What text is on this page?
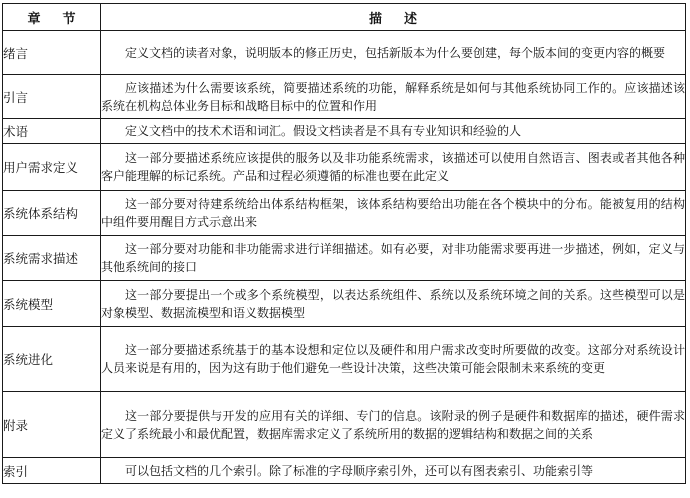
章节	描述
绪言	定义文档的读者对象，说明版本的修正历史，包括新版本为什么要创建，每个版本间的变更内容的概要
引言	应该描述为什么需要该系统，简要描述系统的功能，解释系统是如何与其他系统协同工作的。应该描述该系统在机构总体业务目标和战略目标中的位置和作用
术语	定义文档中的技术术语和词汇。假设文档读者是不具有专业知识和经验的人
用户需求定义	这一部分要描述系统应该提供的服务以及非功能系统需求，该描述可以使用自然语言、图表或者其他各种客户能理解的标记系统。产品和过程必须遵循的标准也要在此定义
系统体系结构	这一部分要对待建系统给出体系结构框架，该体系结构要给出功能在各个模块中的分布。能被复用的结构中组件要用醒目方式示意出来
系统需求描述	这一部分要对功能和非功能需求进行详细描述。如有必要，对非功能需求要再进一步描述，例如，定义与其他系统间的接口
系统模型	这一部分要提出一个或多个系统模型，以表达系统组件、系统以及系统环境之间的关系。这些模型可以是对象模型、数据流模型和语义数据模型
系统进化	这一部分要描述系统基于的基本设想和定位以及硬件和用户需求改变时所要做的改变。这部分对系统设计人员来说是有用的，因为这有助于他们避免一些设计决策，这些决策可能会限制未来系统的变更
附录	这一部分要提供与开发的应用有关的详细、专门的信息。该附录的例子是硬件和数据库的描述，硬件需求定义了系统最小和最优配置，数据库需求定义了系统所用的数据的逻辑结构和数据之间的关系
索引	可以包括文档的几个索引。除了标准的字母顺序索引外，还可以有图表索引、功能索引等
